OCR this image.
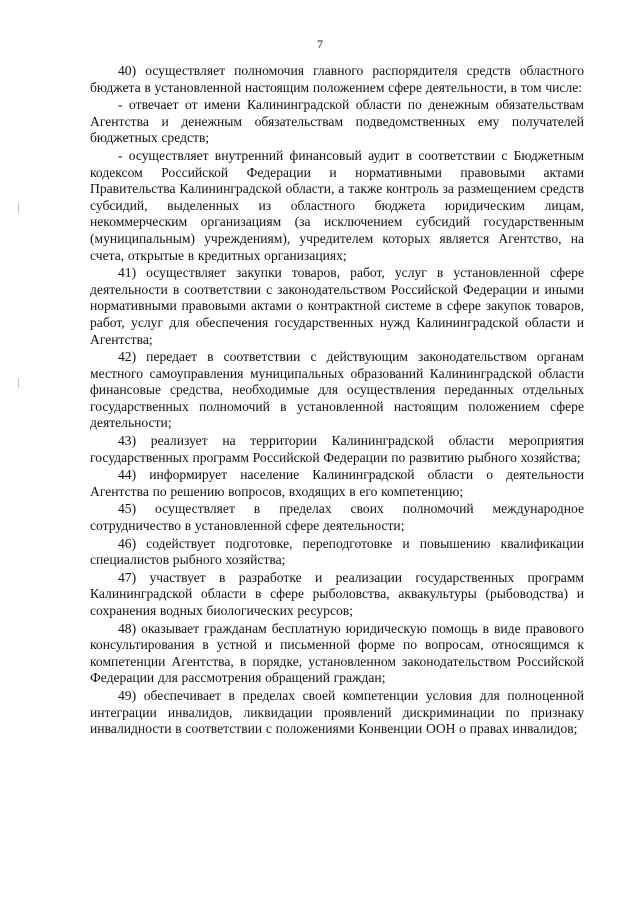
7

40) осуществляет полномочия главного распорядителя средств областного бюджета в установленной настоящим положением сфере деятельности, в том числе:

- отвечает от имени Калининградской области по денежным обязательствам Агентства и денежным обязательствам подведомственных ему получателей бюджетных средств;

- осуществляет внутренний финансовый аудит в соответствии с Бюджетным кодексом Российской Федерации и нормативными правовыми актами Правительства Калининградской области, а также контроль за размещением средств субсидий, выделенных из областного бюджета юридическим лицам, некоммерческим организациям (за исключением субсидий государственным (муниципальным) учреждениям), учредителем которых является Агентство, на счета, открытые в кредитных организациях;

41) осуществляет закупки товаров, работ, услуг в установленной сфере деятельности в соответствии с законодательством Российской Федерации и иными нормативными правовыми актами о контрактной системе в сфере закупок товаров, работ, услуг для обеспечения государственных нужд Калининградской области и Агентства;

42) передает в соответствии с действующим законодательством органам местного самоуправления муниципальных образований Калининградской области финансовые средства, необходимые для осуществления переданных отдельных государственных полномочий в установленной настоящим положением сфере деятельности;

43) реализует на территории Калининградской области мероприятия государственных программ Российской Федерации по развитию рыбного хозяйства;

44) информирует население Калининградской области о деятельности Агентства по решению вопросов, входящих в его компетенцию;

45) осуществляет в пределах своих полномочий международное сотрудничество в установленной сфере деятельности;

46) содействует подготовке, переподготовке и повышению квалификации специалистов рыбного хозяйства;

47) участвует в разработке и реализации государственных программ Калининградской области в сфере рыболовства, аквакультуры (рыбоводства) и сохранения водных биологических ресурсов;

48) оказывает гражданам бесплатную юридическую помощь в виде правового консультирования в устной и письменной форме по вопросам, относящимся к компетенции Агентства, в порядке, установленном законодательством Российской Федерации для рассмотрения обращений граждан;

49) обеспечивает в пределах своей компетенции условия для полноценной интеграции инвалидов, ликвидации проявлений дискриминации по признаку инвалидности в соответствии с положениями Конвенции ООН о правах инвалидов;
